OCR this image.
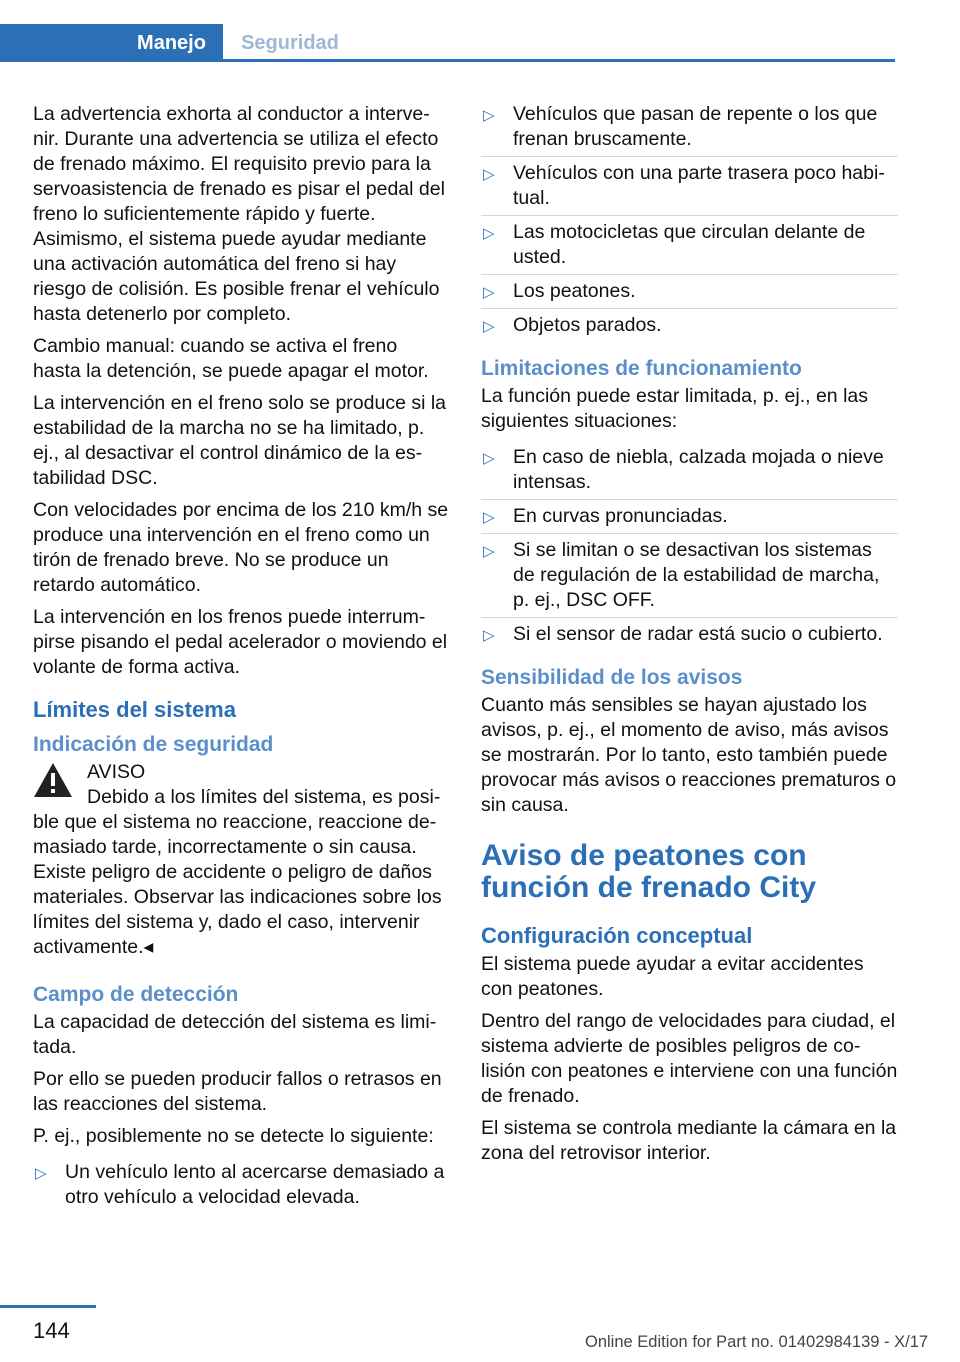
Manejo	Seguridad

La advertencia exhorta al conductor a intervenir. Durante una advertencia se utiliza el efecto de frenado máximo. El requisito previo para la servoasistencia de frenado es pisar el pedal del freno lo suficientemente rápido y fuerte. Asimismo, el sistema puede ayudar mediante una activación automática del freno si hay riesgo de colisión. Es posible frenar el vehículo hasta detenerlo por completo.

Cambio manual: cuando se activa el freno hasta la detención, se puede apagar el motor.

La intervención en el freno solo se produce si la estabilidad de la marcha no se ha limitado, p. ej., al desactivar el control dinámico de la estabilidad DSC.

Con velocidades por encima de los 210 km/h se produce una intervención en el freno como un tirón de frenado breve. No se produce un retardo automático.

La intervención en los frenos puede interrumpirse pisando el pedal acelerador o moviendo el volante de forma activa.

Límites del sistema
Indicación de seguridad
AVISO
Debido a los límites del sistema, es posible que el sistema no reaccione, reaccione demasiado tarde, incorrectamente o sin causa. Existe peligro de accidente o peligro de daños materiales. Observar las indicaciones sobre los límites del sistema y, dado el caso, intervenir activamente.◂
Campo de detección

La capacidad de detección del sistema es limitada.

Por ello se pueden producir fallos o retrasos en las reacciones del sistema.

P. ej., posiblemente no se detecte lo siguiente:

▷ Un vehículo lento al acercarse demasiado a otro vehículo a velocidad elevada.
▷ Vehículos que pasan de repente o los que frenan bruscamente.
▷ Vehículos con una parte trasera poco habitual.
▷ Las motocicletas que circulan delante de usted.
▷ Los peatones.
▷ Objetos parados.
Limitaciones de funcionamiento

La función puede estar limitada, p. ej., en las siguientes situaciones:

▷ En caso de niebla, calzada mojada o nieve intensas.
▷ En curvas pronunciadas.
▷ Si se limitan o se desactivan los sistemas de regulación de la estabilidad de marcha, p. ej., DSC OFF.
▷ Si el sensor de radar está sucio o cubierto.
Sensibilidad de los avisos

Cuanto más sensibles se hayan ajustado los avisos, p. ej., el momento de aviso, más avisos se mostrarán. Por lo tanto, esto también puede provocar más avisos o reacciones prematuros o sin causa.

Aviso de peatones con función de frenado City
Configuración conceptual

El sistema puede ayudar a evitar accidentes con peatones.

Dentro del rango de velocidades para ciudad, el sistema advierte de posibles peligros de colisión con peatones e interviene con una función de frenado.

El sistema se controla mediante la cámara en la zona del retrovisor interior.

144	Online Edition for Part no. 01402984139 - X/17
